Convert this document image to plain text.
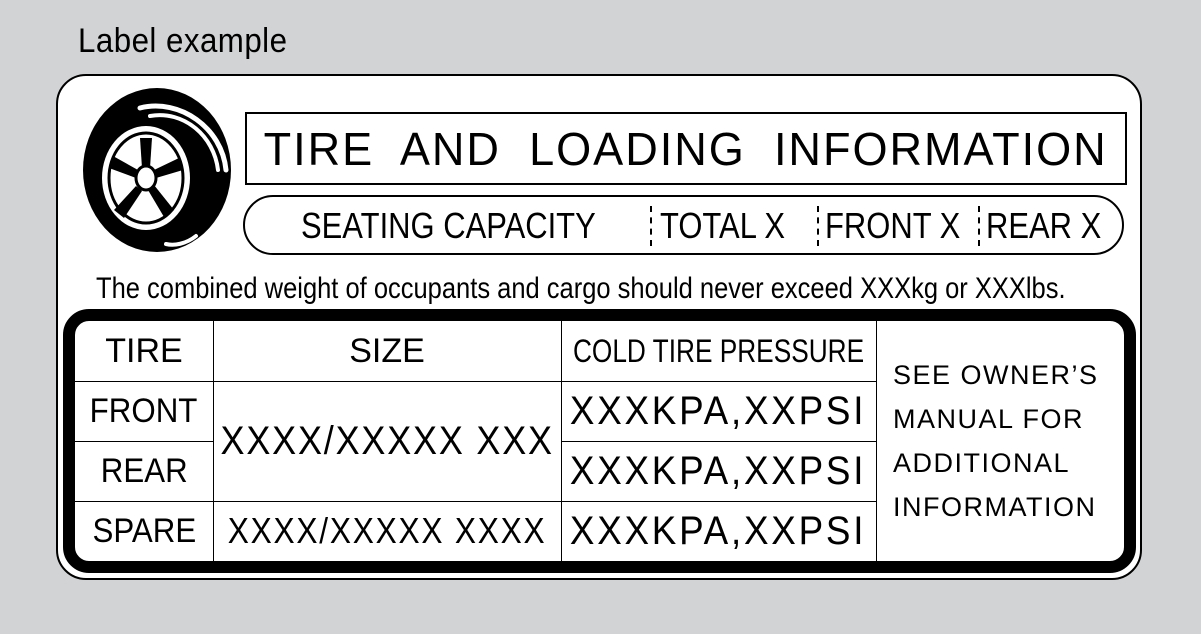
Label example
TIRE AND LOADING INFORMATION
SEATING CAPACITY TOTAL X FRONT X REAR X
The combined weight of occupants and cargo should never exceed XXXkg or XXXlbs.
TIRE	SIZE	COLD TIRE PRESSURE
FRONT
REAR
SPARE
XXXX/XXXXX XXX
XXXX/XXXXX XXXX
XXXKPA,XXPSI
XXXKPA,XXPSI
XXXKPA,XXPSI
SEE OWNER’S
MANUAL FOR
ADDITIONAL
INFORMATION
